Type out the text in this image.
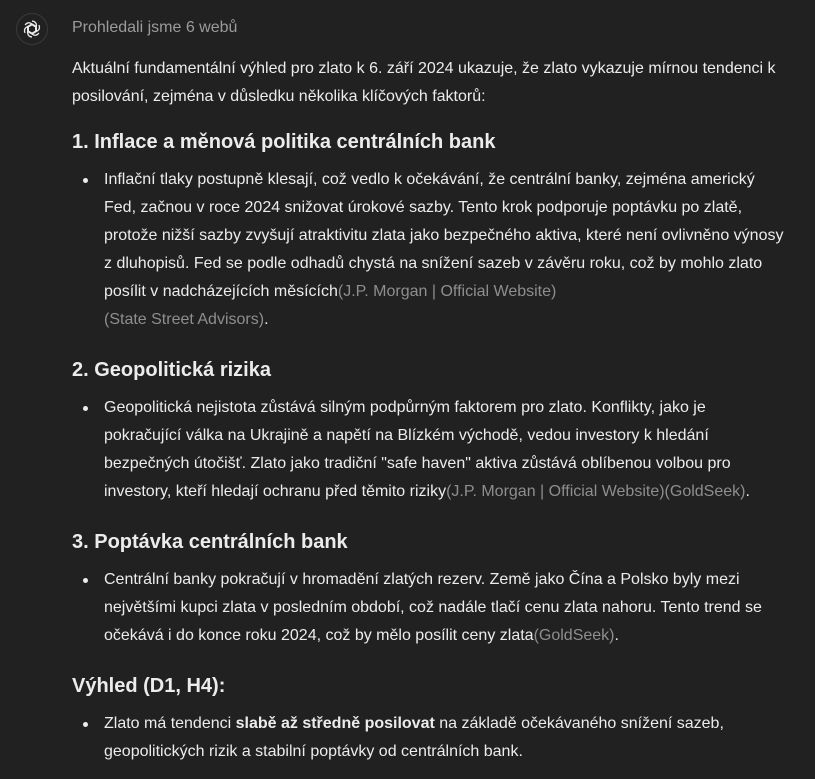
Prohledali jsme 6 webů

Aktuální fundamentální výhled pro zlato k 6. září 2024 ukazuje, že zlato vykazuje mírnou tendenci k posilování, zejména v důsledku několika klíčových faktorů:

1. Inflace a měnová politika centrálních bank
Inflační tlaky postupně klesají, což vedlo k očekávání, že centrální banky, zejména americký Fed, začnou v roce 2024 snižovat úrokové sazby. Tento krok podporuje poptávku po zlatě, protože nižší sazby zvyšují atraktivitu zlata jako bezpečného aktiva, které není ovlivněno výnosy z dluhopisů. Fed se podle odhadů chystá na snížení sazeb v závěru roku, což by mohlo zlato posílit v nadcházejících měsících(J.P. Morgan | Official Website)
(State Street Advisors).
2. Geopolitická rizika
Geopolitická nejistota zůstává silným podpůrným faktorem pro zlato. Konflikty, jako je pokračující válka na Ukrajině a napětí na Blízkém východě, vedou investory k hledání bezpečných útočišť. Zlato jako tradiční "safe haven" aktiva zůstává oblíbenou volbou pro investory, kteří hledají ochranu před těmito riziky(J.P. Morgan | Official Website)(GoldSeek).
3. Poptávka centrálních bank
Centrální banky pokračují v hromadění zlatých rezerv. Země jako Čína a Polsko byly mezi největšími kupci zlata v posledním období, což nadále tlačí cenu zlata nahoru. Tento trend se očekává i do konce roku 2024, což by mělo posílit ceny zlata(GoldSeek).
Výhled (D1, H4):
Zlato má tendenci slabě až středně posilovat na základě očekávaného snížení sazeb, geopolitických rizik a stabilní poptávky od centrálních bank.
